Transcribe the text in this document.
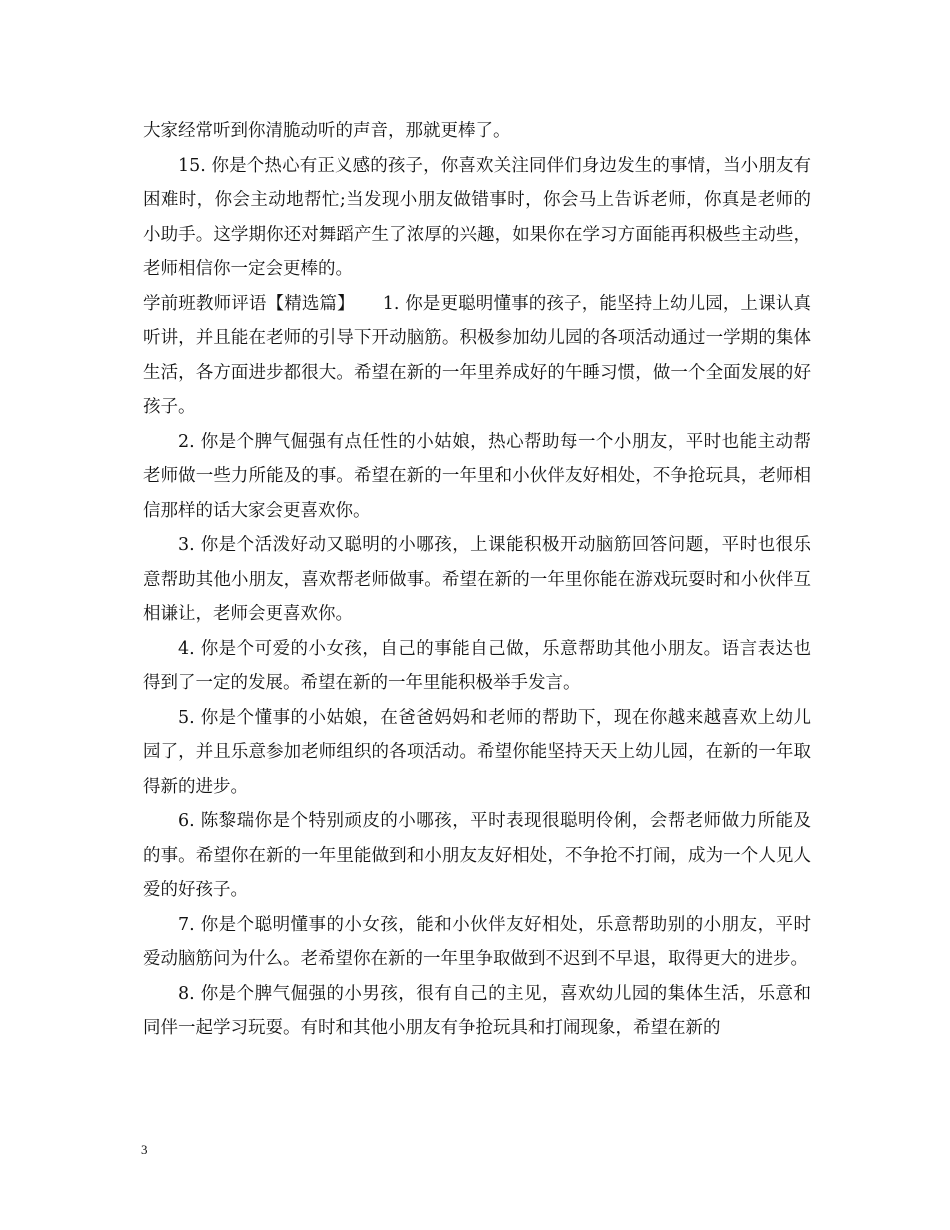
大家经常听到你清脆动听的声音，那就更棒了。

15. 你是个热心有正义感的孩子，你喜欢关注同伴们身边发生的事情，当小朋友有困难时，你会主动地帮忙;当发现小朋友做错事时，你会马上告诉老师，你真是老师的小助手。这学期你还对舞蹈产生了浓厚的兴趣，如果你在学习方面能再积极些主动些，老师相信你一定会更棒的。

学前班教师评语【精选篇】 1. 你是更聪明懂事的孩子，能坚持上幼儿园，上课认真听讲，并且能在老师的引导下开动脑筋。积极参加幼儿园的各项活动通过一学期的集体生活，各方面进步都很大。希望在新的一年里养成好的午睡习惯，做一个全面发展的好孩子。

2. 你是个脾气倔强有点任性的小姑娘，热心帮助每一个小朋友，平时也能主动帮老师做一些力所能及的事。希望在新的一年里和小伙伴友好相处，不争抢玩具，老师相信那样的话大家会更喜欢你。

3. 你是个活泼好动又聪明的小哪孩，上课能积极开动脑筋回答问题，平时也很乐意帮助其他小朋友，喜欢帮老师做事。希望在新的一年里你能在游戏玩耍时和小伙伴互相谦让，老师会更喜欢你。

4. 你是个可爱的小女孩，自己的事能自己做，乐意帮助其他小朋友。语言表达也得到了一定的发展。希望在新的一年里能积极举手发言。

5. 你是个懂事的小姑娘，在爸爸妈妈和老师的帮助下，现在你越来越喜欢上幼儿园了，并且乐意参加老师组织的各项活动。希望你能坚持天天上幼儿园，在新的一年取得新的进步。

6. 陈黎瑞你是个特别顽皮的小哪孩，平时表现很聪明伶俐，会帮老师做力所能及的事。希望你在新的一年里能做到和小朋友友好相处，不争抢不打闹，成为一个人见人爱的好孩子。

7. 你是个聪明懂事的小女孩，能和小伙伴友好相处，乐意帮助别的小朋友，平时爱动脑筋问为什么。老希望你在新的一年里争取做到不迟到不早退，取得更大的进步。

8. 你是个脾气倔强的小男孩，很有自己的主见，喜欢幼儿园的集体生活，乐意和同伴一起学习玩耍。有时和其他小朋友有争抢玩具和打闹现象，希望在新的

3
